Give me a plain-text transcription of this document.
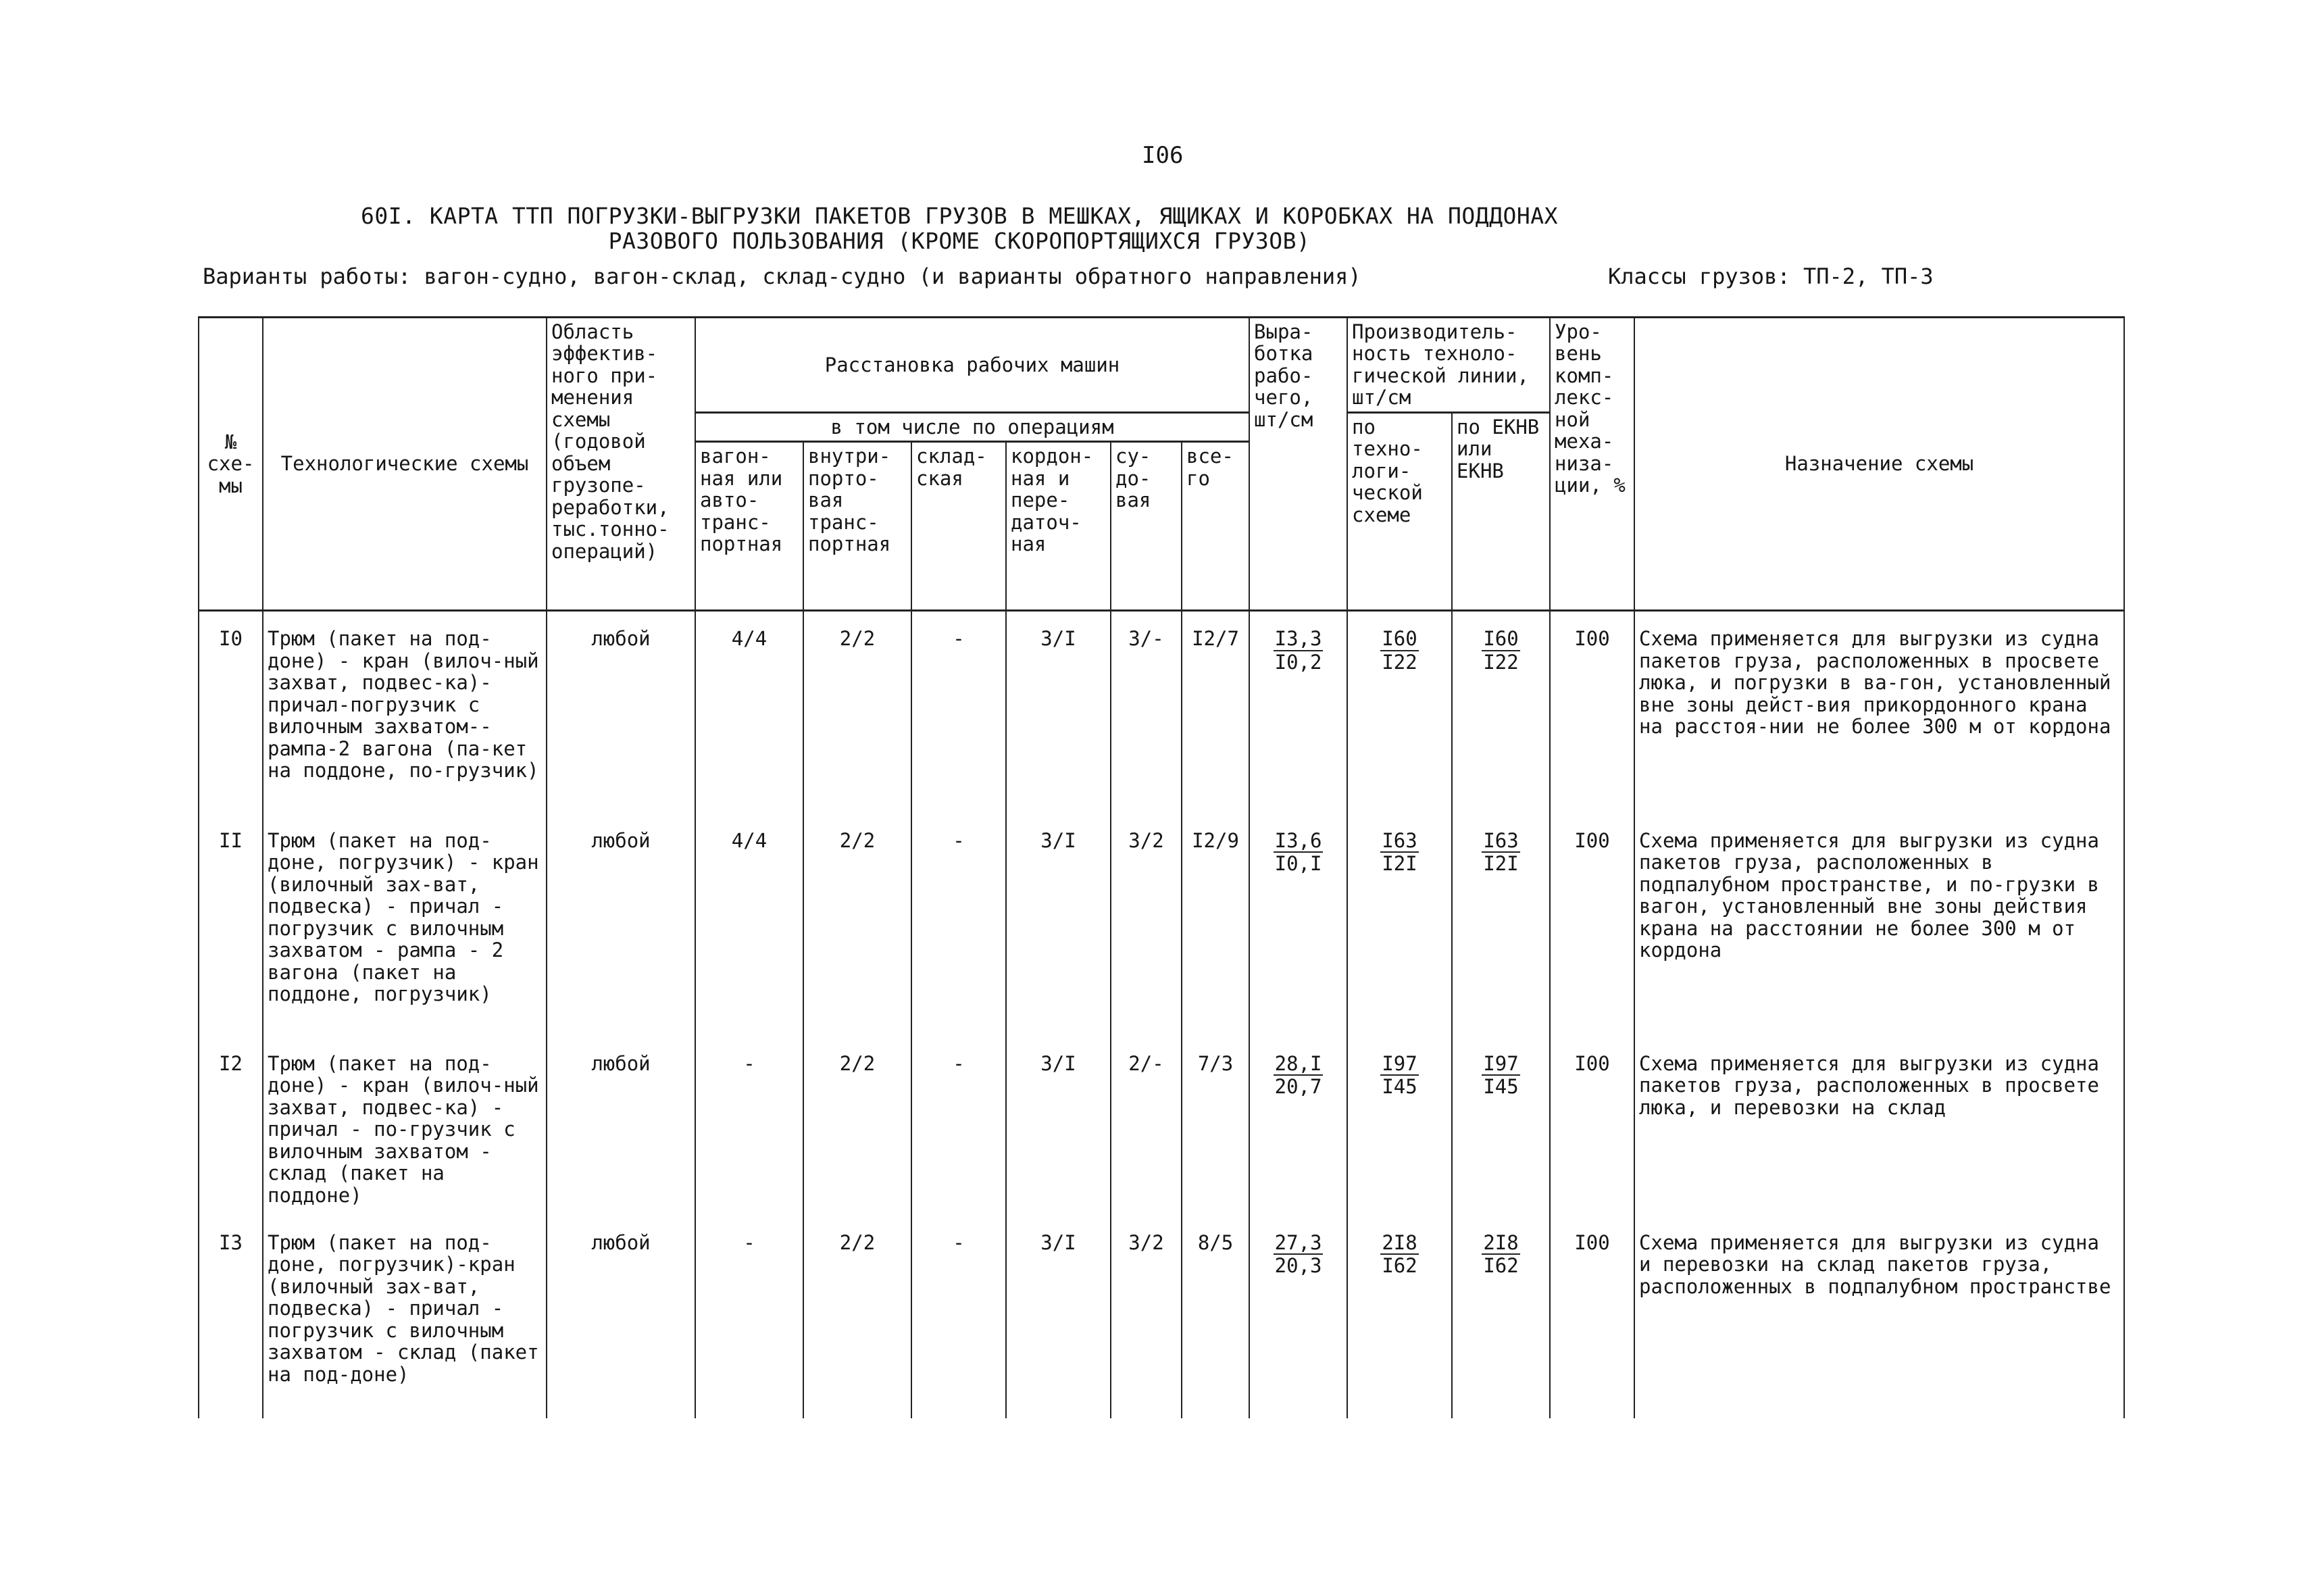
I06
60I. КАРТА ТТП ПОГРУЗКИ-ВЫГРУЗКИ ПАКЕТОВ ГРУЗОВ В МЕШКАХ, ЯЩИКАХ И КОРОБКАХ НА ПОДДОНАХ
РАЗОВОГО ПОЛЬЗОВАНИЯ (КРОМЕ СКОРОПОРТЯЩИХСЯ ГРУЗОВ)
Варианты работы: вагон-судно, вагон-склад, склад-судно (и варианты обратного направления)	Классы грузов: ТП-2, ТП-3
№ схе-мы	Технологические схемы	Область эффектив-ного при-менения схемы (годовой объем грузопе-реработки, тыс.тонно-операций)	Расстановка рабочих машин						Выра-ботка рабо-чего, шт/см	Производитель-ность техноло-гической линии, шт/см		Уро-вень комп-лекс-ной меха-низа-ции, %	Назначение схемы
			в том числе по операциям							по техно-логи-ческой схеме	по ЕКНВ или ЕКНВ		
			вагон-ная или авто-транс-портная	внутри-порто-вая транс-портная	склад-ская	кордон-ная и пере-даточ-ная	су-до-вая	все-го					
I0	Трюм (пакет на под-доне) - кран (вилоч-ный захват, подвес-ка)-причал-погрузчик с вилочным захватом--рампа-2 вагона (па-кет на поддоне, по-грузчик)	любой	4/4	2/2	-	3/I	3/-	I2/7	$\frac{I3,3}{I0,2}$	$\frac{I60}{I22}$	$\frac{I60}{I22}$	I00	Схема применяется для выгрузки из судна пакетов груза, расположенных в просвете люка, и погрузки в ва-гон, установленный вне зоны дейст-вия прикордонного крана на расстоя-нии не более 300 м от кордона
II	Трюм (пакет на под-доне, погрузчик) - кран (вилочный зах-ват, подвеска) - причал - погрузчик с вилочным захватом - рампа - 2 вагона (пакет на поддоне, погрузчик)	любой	4/4	2/2	-	3/I	3/2	I2/9	$\frac{I3,6}{I0,I}$	$\frac{I63}{I2I}$	$\frac{I63}{I2I}$	I00	Схема применяется для выгрузки из судна пакетов груза, расположенных в подпалубном пространстве, и по-грузки в вагон, установленный вне зоны действия крана на расстоянии не более 300 м от кордона
I2	Трюм (пакет на под-доне) - кран (вилоч-ный захват, подвес-ка) - причал - по-грузчик с вилочным захватом - склад (пакет на поддоне)	любой	-	2/2	-	3/I	2/-	7/3	$\frac{28,I}{20,7}$	$\frac{I97}{I45}$	$\frac{I97}{I45}$	I00	Схема применяется для выгрузки из судна пакетов груза, расположенных в просвете люка, и перевозки на склад
I3	Трюм (пакет на под-доне, погрузчик)-кран (вилочный зах-ват, подвеска) - причал - погрузчик с вилочным захватом - склад (пакет на под-доне)	любой	-	2/2	-	3/I	3/2	8/5	$\frac{27,3}{20,3}$	$\frac{2I8}{I62}$	$\frac{2I8}{I62}$	I00	Схема применяется для выгрузки из судна и перевозки на склад пакетов груза, расположенных в подпалубном пространстве
